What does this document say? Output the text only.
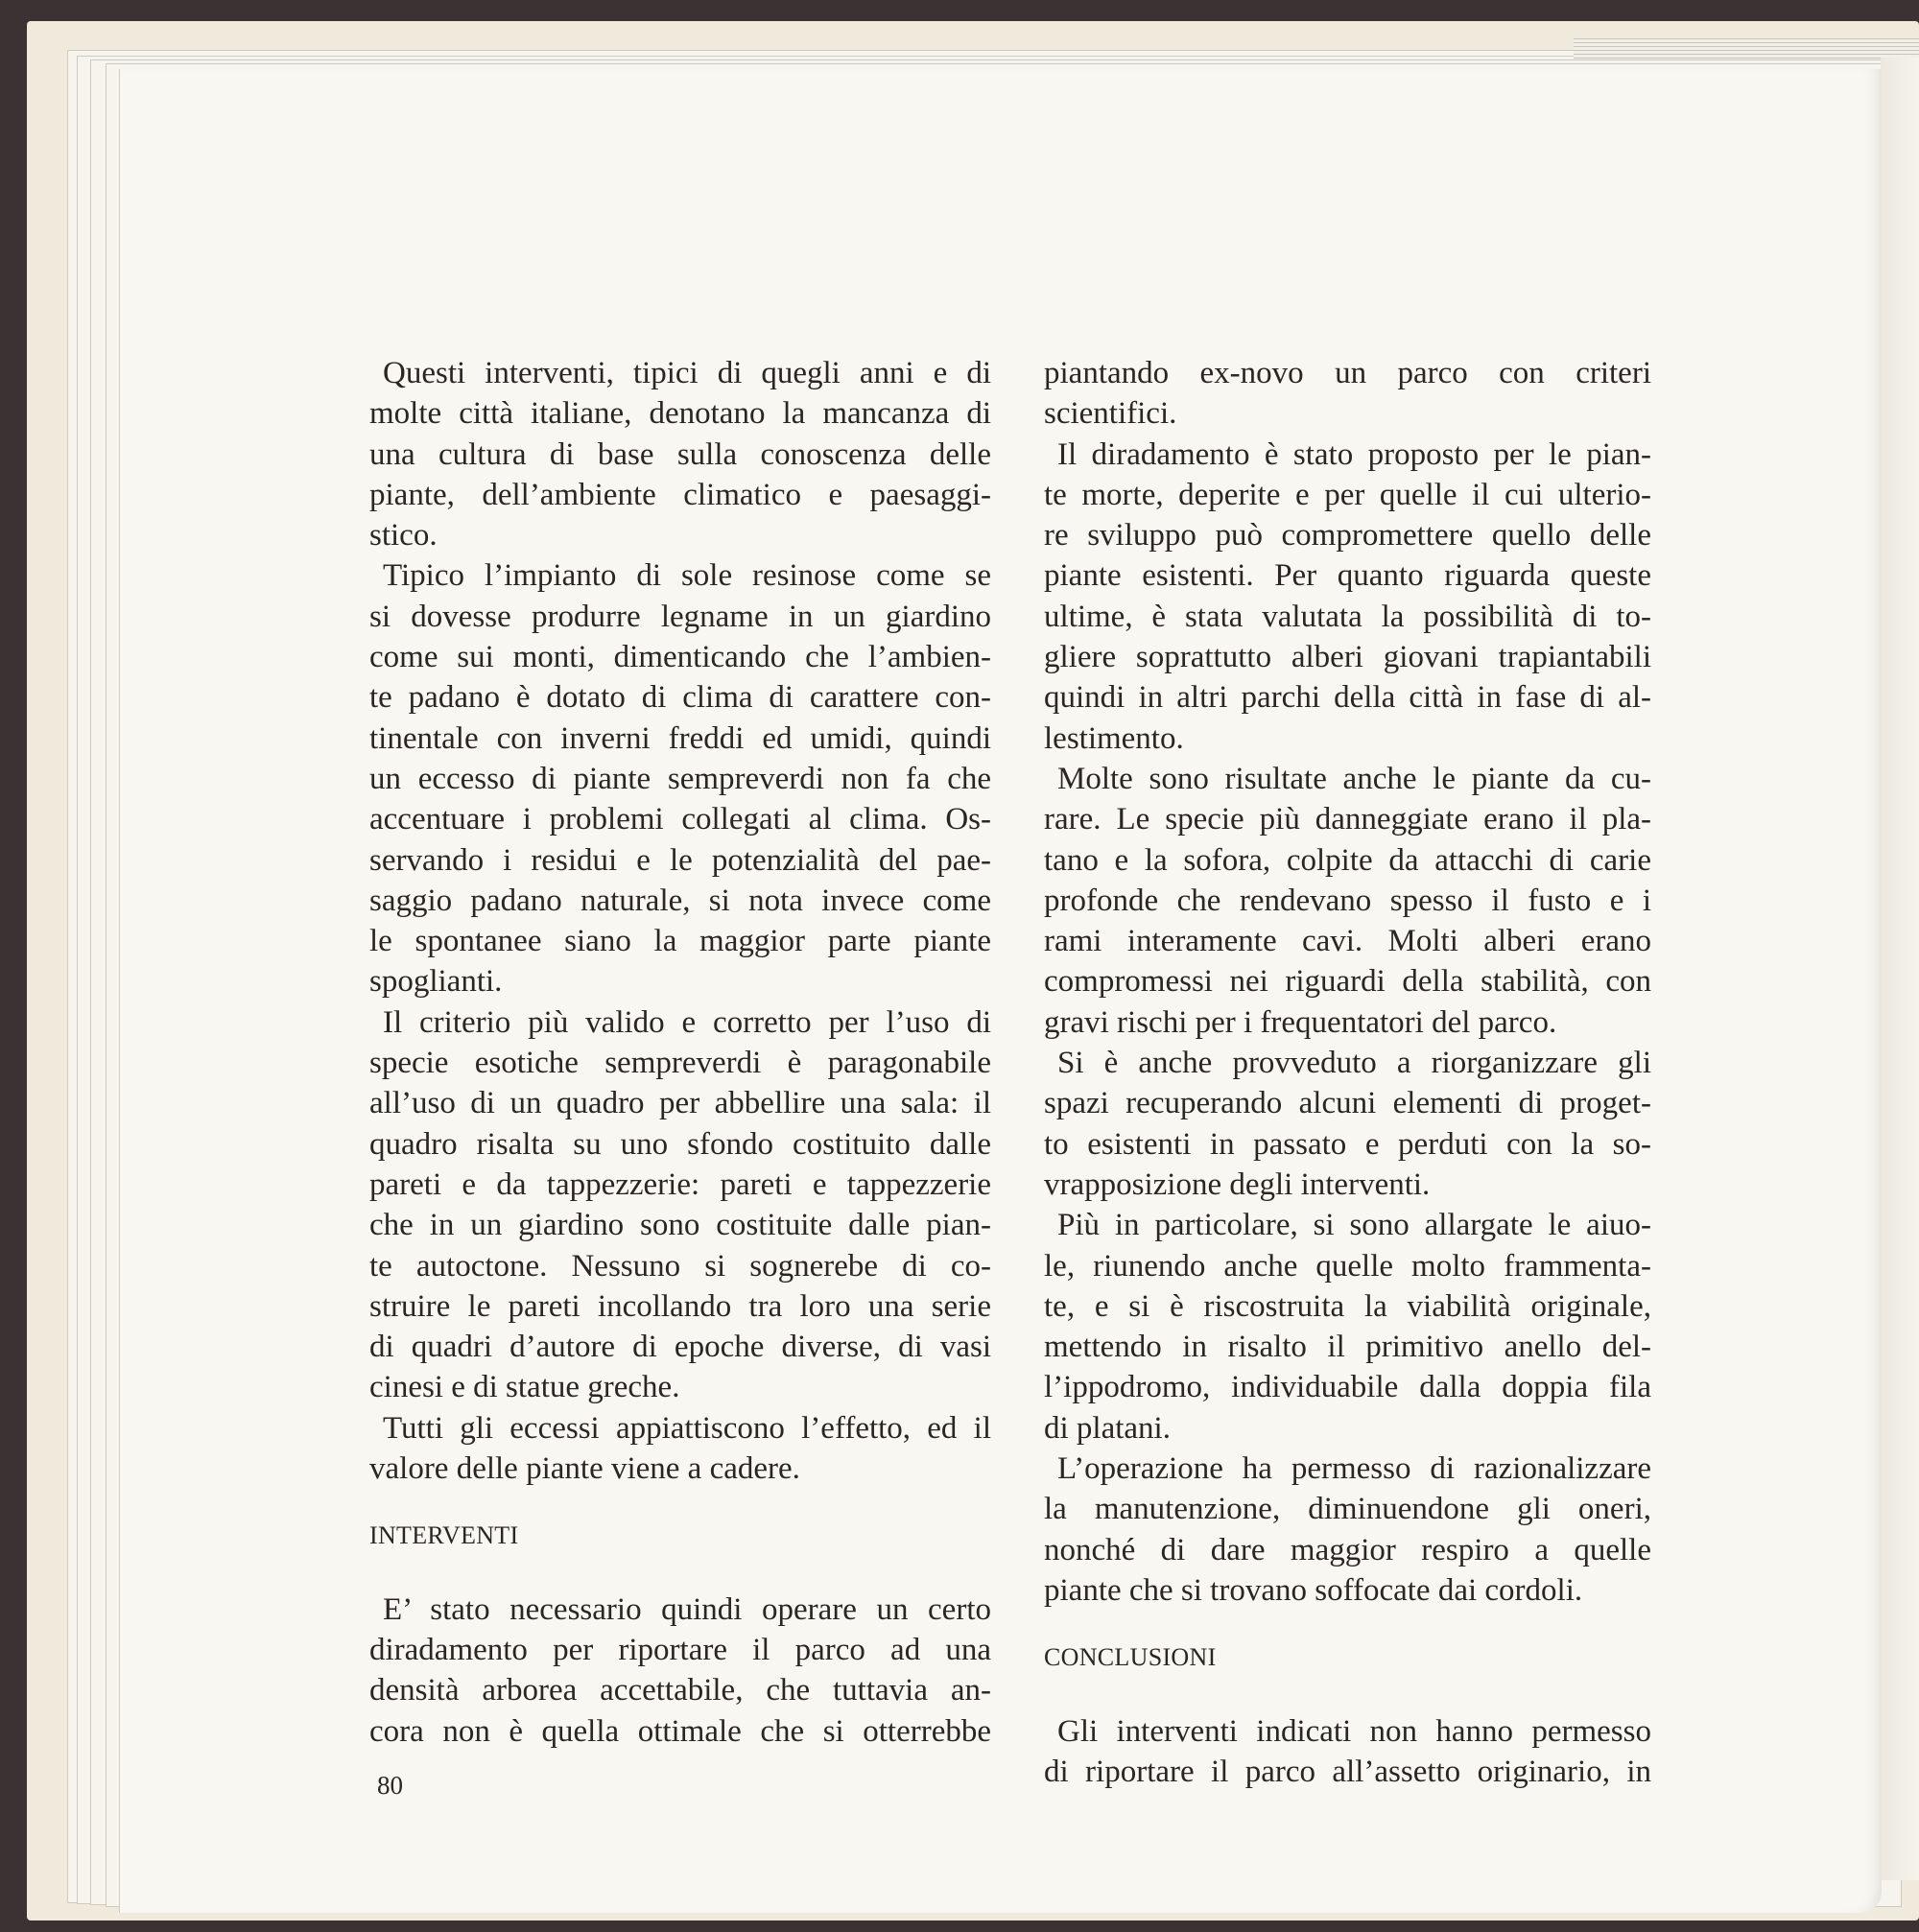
Questi interventi, tipici di quegli anni e di
molte città italiane, denotano la mancanza di
una cultura di base sulla conoscenza delle
piante, dell’ambiente climatico e paesaggi-
stico.
Tipico l’impianto di sole resinose come se
si dovesse produrre legname in un giardino
come sui monti, dimenticando che l’ambien-
te padano è dotato di clima di carattere con-
tinentale con inverni freddi ed umidi, quindi
un eccesso di piante sempreverdi non fa che
accentuare i problemi collegati al clima. Os-
servando i residui e le potenzialità del pae-
saggio padano naturale, si nota invece come
le spontanee siano la maggior parte piante
spoglianti.
Il criterio più valido e corretto per l’uso di
specie esotiche sempreverdi è paragonabile
all’uso di un quadro per abbellire una sala: il
quadro risalta su uno sfondo costituito dalle
pareti e da tappezzerie: pareti e tappezzerie
che in un giardino sono costituite dalle pian-
te autoctone. Nessuno si sognerebe di co-
struire le pareti incollando tra loro una serie
di quadri d’autore di epoche diverse, di vasi
cinesi e di statue greche.
Tutti gli eccessi appiattiscono l’effetto, ed il
valore delle piante viene a cadere.
INTERVENTI
E’ stato necessario quindi operare un certo
diradamento per riportare il parco ad una
densità arborea accettabile, che tuttavia an-
cora non è quella ottimale che si otterrebbe
piantando ex-novo un parco con criteri
scientifici.
Il diradamento è stato proposto per le pian-
te morte, deperite e per quelle il cui ulterio-
re sviluppo può compromettere quello delle
piante esistenti. Per quanto riguarda queste
ultime, è stata valutata la possibilità di to-
gliere soprattutto alberi giovani trapiantabili
quindi in altri parchi della città in fase di al-
lestimento.
Molte sono risultate anche le piante da cu-
rare. Le specie più danneggiate erano il pla-
tano e la sofora, colpite da attacchi di carie
profonde che rendevano spesso il fusto e i
rami interamente cavi. Molti alberi erano
compromessi nei riguardi della stabilità, con
gravi rischi per i frequentatori del parco.
Si è anche provveduto a riorganizzare gli
spazi recuperando alcuni elementi di proget-
to esistenti in passato e perduti con la so-
vrapposizione degli interventi.
Più in particolare, si sono allargate le aiuo-
le, riunendo anche quelle molto frammenta-
te, e si è riscostruita la viabilità originale,
mettendo in risalto il primitivo anello del-
l’ippodromo, individuabile dalla doppia fila
di platani.
L’operazione ha permesso di razionalizzare
la manutenzione, diminuendone gli oneri,
nonché di dare maggior respiro a quelle
piante che si trovano soffocate dai cordoli.
CONCLUSIONI
Gli interventi indicati non hanno permesso
di riportare il parco all’assetto originario, in
80
